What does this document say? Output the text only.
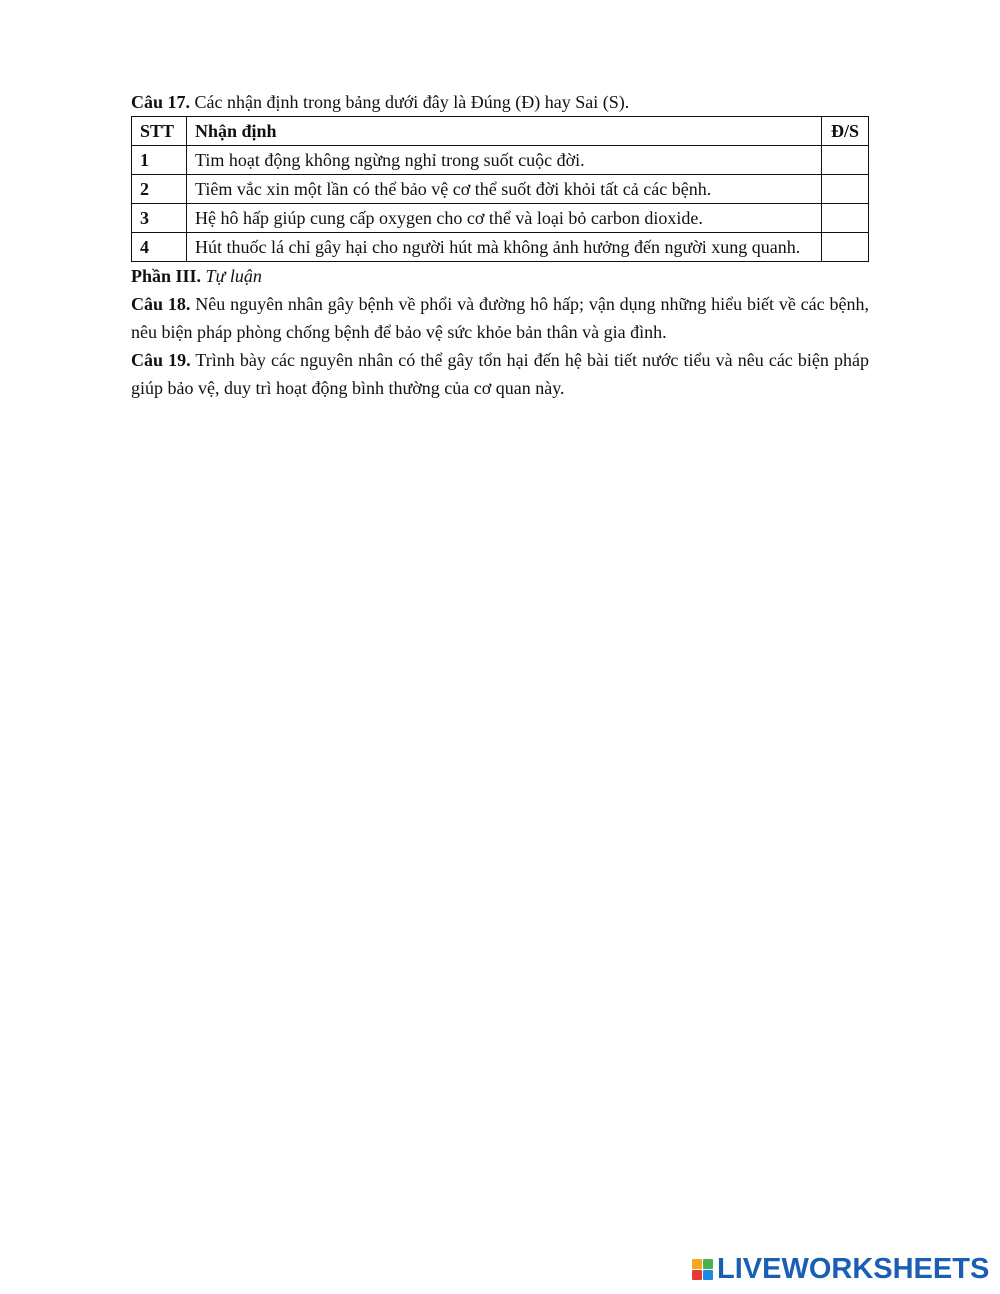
Câu 17. Các nhận định trong bảng dưới đây là Đúng (Đ) hay Sai (S).

STT	Nhận định	Đ/S
1	Tim hoạt động không ngừng nghỉ trong suốt cuộc đời.	
2	Tiêm vắc xin một lần có thể bảo vệ cơ thể suốt đời khỏi tất cả các bệnh.	
3	Hệ hô hấp giúp cung cấp oxygen cho cơ thể và loại bỏ carbon dioxide.	
4	Hút thuốc lá chỉ gây hại cho người hút mà không ảnh hưởng đến người xung quanh.	

Phần III. Tự luận

Câu 18. Nêu nguyên nhân gây bệnh về phổi và đường hô hấp; vận dụng những hiểu biết về các bệnh, nêu biện pháp phòng chống bệnh để bảo vệ sức khỏe bản thân và gia đình.

Câu 19. Trình bày các nguyên nhân có thể gây tổn hại đến hệ bài tiết nước tiểu và nêu các biện pháp giúp bảo vệ, duy trì hoạt động bình thường của cơ quan này.

LIVEWORKSHEETS
